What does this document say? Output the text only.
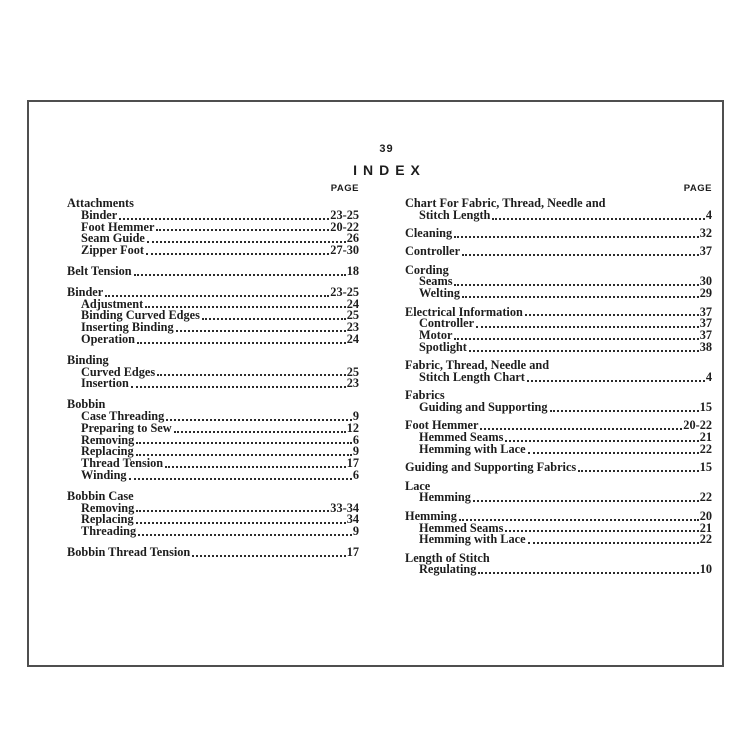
39
INDEX
PAGE
Attachments
Binder	23-25
Foot Hemmer	20-22
Seam Guide	26
Zipper Foot	27-30
Belt Tension	18
Binder	23-25
Adjustment	24
Binding Curved Edges	25
Inserting Binding	23
Operation	24
Binding
Curved Edges	25
Insertion	23
Bobbin
Case Threading	9
Preparing to Sew	12
Removing	6
Replacing	9
Thread Tension	17
Winding	6
Bobbin Case
Removing	33-34
Replacing	34
Threading	9
Bobbin Thread Tension	17
PAGE
Chart For Fabric, Thread, Needle and
Stitch Length	4
Cleaning	32
Controller	37
Cording
Seams	30
Welting	29
Electrical Information	37
Controller	37
Motor	37
Spotlight	38
Fabric, Thread, Needle and
Stitch Length Chart	4
Fabrics
Guiding and Supporting	15
Foot Hemmer	20-22
Hemmed Seams	21
Hemming with Lace	22
Guiding and Supporting Fabrics	15
Lace
Hemming	22
Hemming	20
Hemmed Seams	21
Hemming with Lace	22
Length of Stitch
Regulating	10
